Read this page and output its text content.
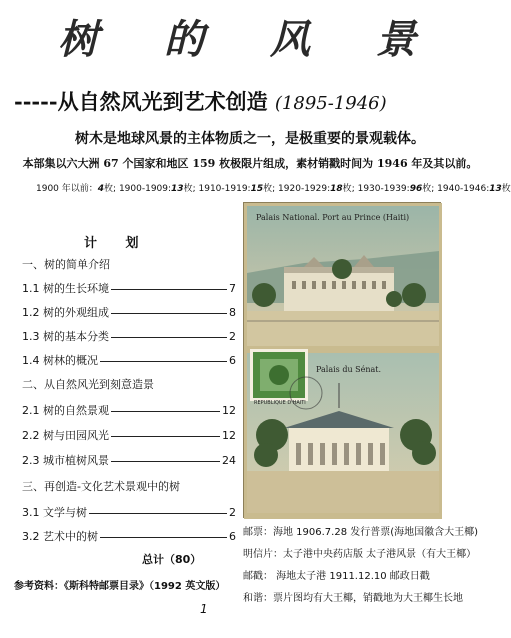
树 的 风 景
-----从自然风光到艺术创造 (1895-1946)
树木是地球风景的主体物质之一，是极重要的景观载体。
本部集以六大洲 67 个国家和地区 159 枚极限片组成，素材销戳时间为 1946 年及其以前。
1900 年以前：4枚; 1900-1909:13枚; 1910-1919:15枚; 1920-1929:18枚; 1930-1939:96枚; 1940-1946:13枚
计 划
一、树的简单介绍
1.1 树的生长环境	7
1.2 树的外观组成	8
1.3 树的基本分类	2
1.4 树林的概况	6
二、从自然风光到刻意造景
2.1 树的自然景观	12
2.2 树与田园风光	12
2.3 城市植树风景	24
三、再创造-文化艺术景观中的树
3.1 文学与树	2
3.2 艺术中的树	6
总计（80）
参考资料：《斯科特邮票目录》（1992 英文版）
1
Palais National. Port au Prince (Haiti)
Palais du Sénat.
REPUBLIQUE D'HAITI
邮票：海地 1906.7.28 发行普票(海地国徽含大王椰)
明信片：太子港中央药店版 太子港风景（有大王椰）
邮戳： 海地太子港 1911.12.10 邮政日戳
和谐：票片图均有大王椰，销戳地为大王椰生长地
